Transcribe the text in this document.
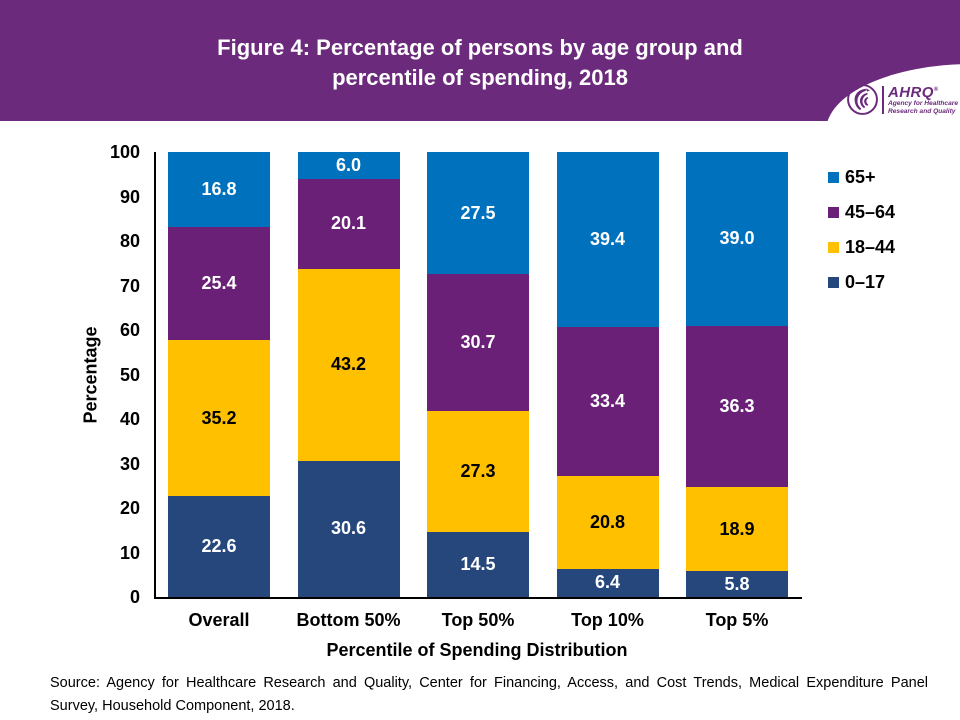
Figure 4: Percentage of persons by age group and
percentile of spending, 2018
AHRQ®
Agency for Healthcare
Research and Quality
0
10
20
30
40
50
60
70
80
90
100
Percentage
22.6
35.2
25.4
16.8
30.6
43.2
20.1
6.0
14.5
27.3
30.7
27.5
6.4
20.8
33.4
39.4
5.8
18.9
36.3
39.0
Overall	Bottom 50%	Top 50%	Top 10%	Top 5%
Percentile of Spending Distribution
65+
45–64
18–44
0–17
Source: Agency for Healthcare Research and Quality, Center for Financing, Access, and Cost Trends, Medical Expenditure Panel Survey, Household Component, 2018.
